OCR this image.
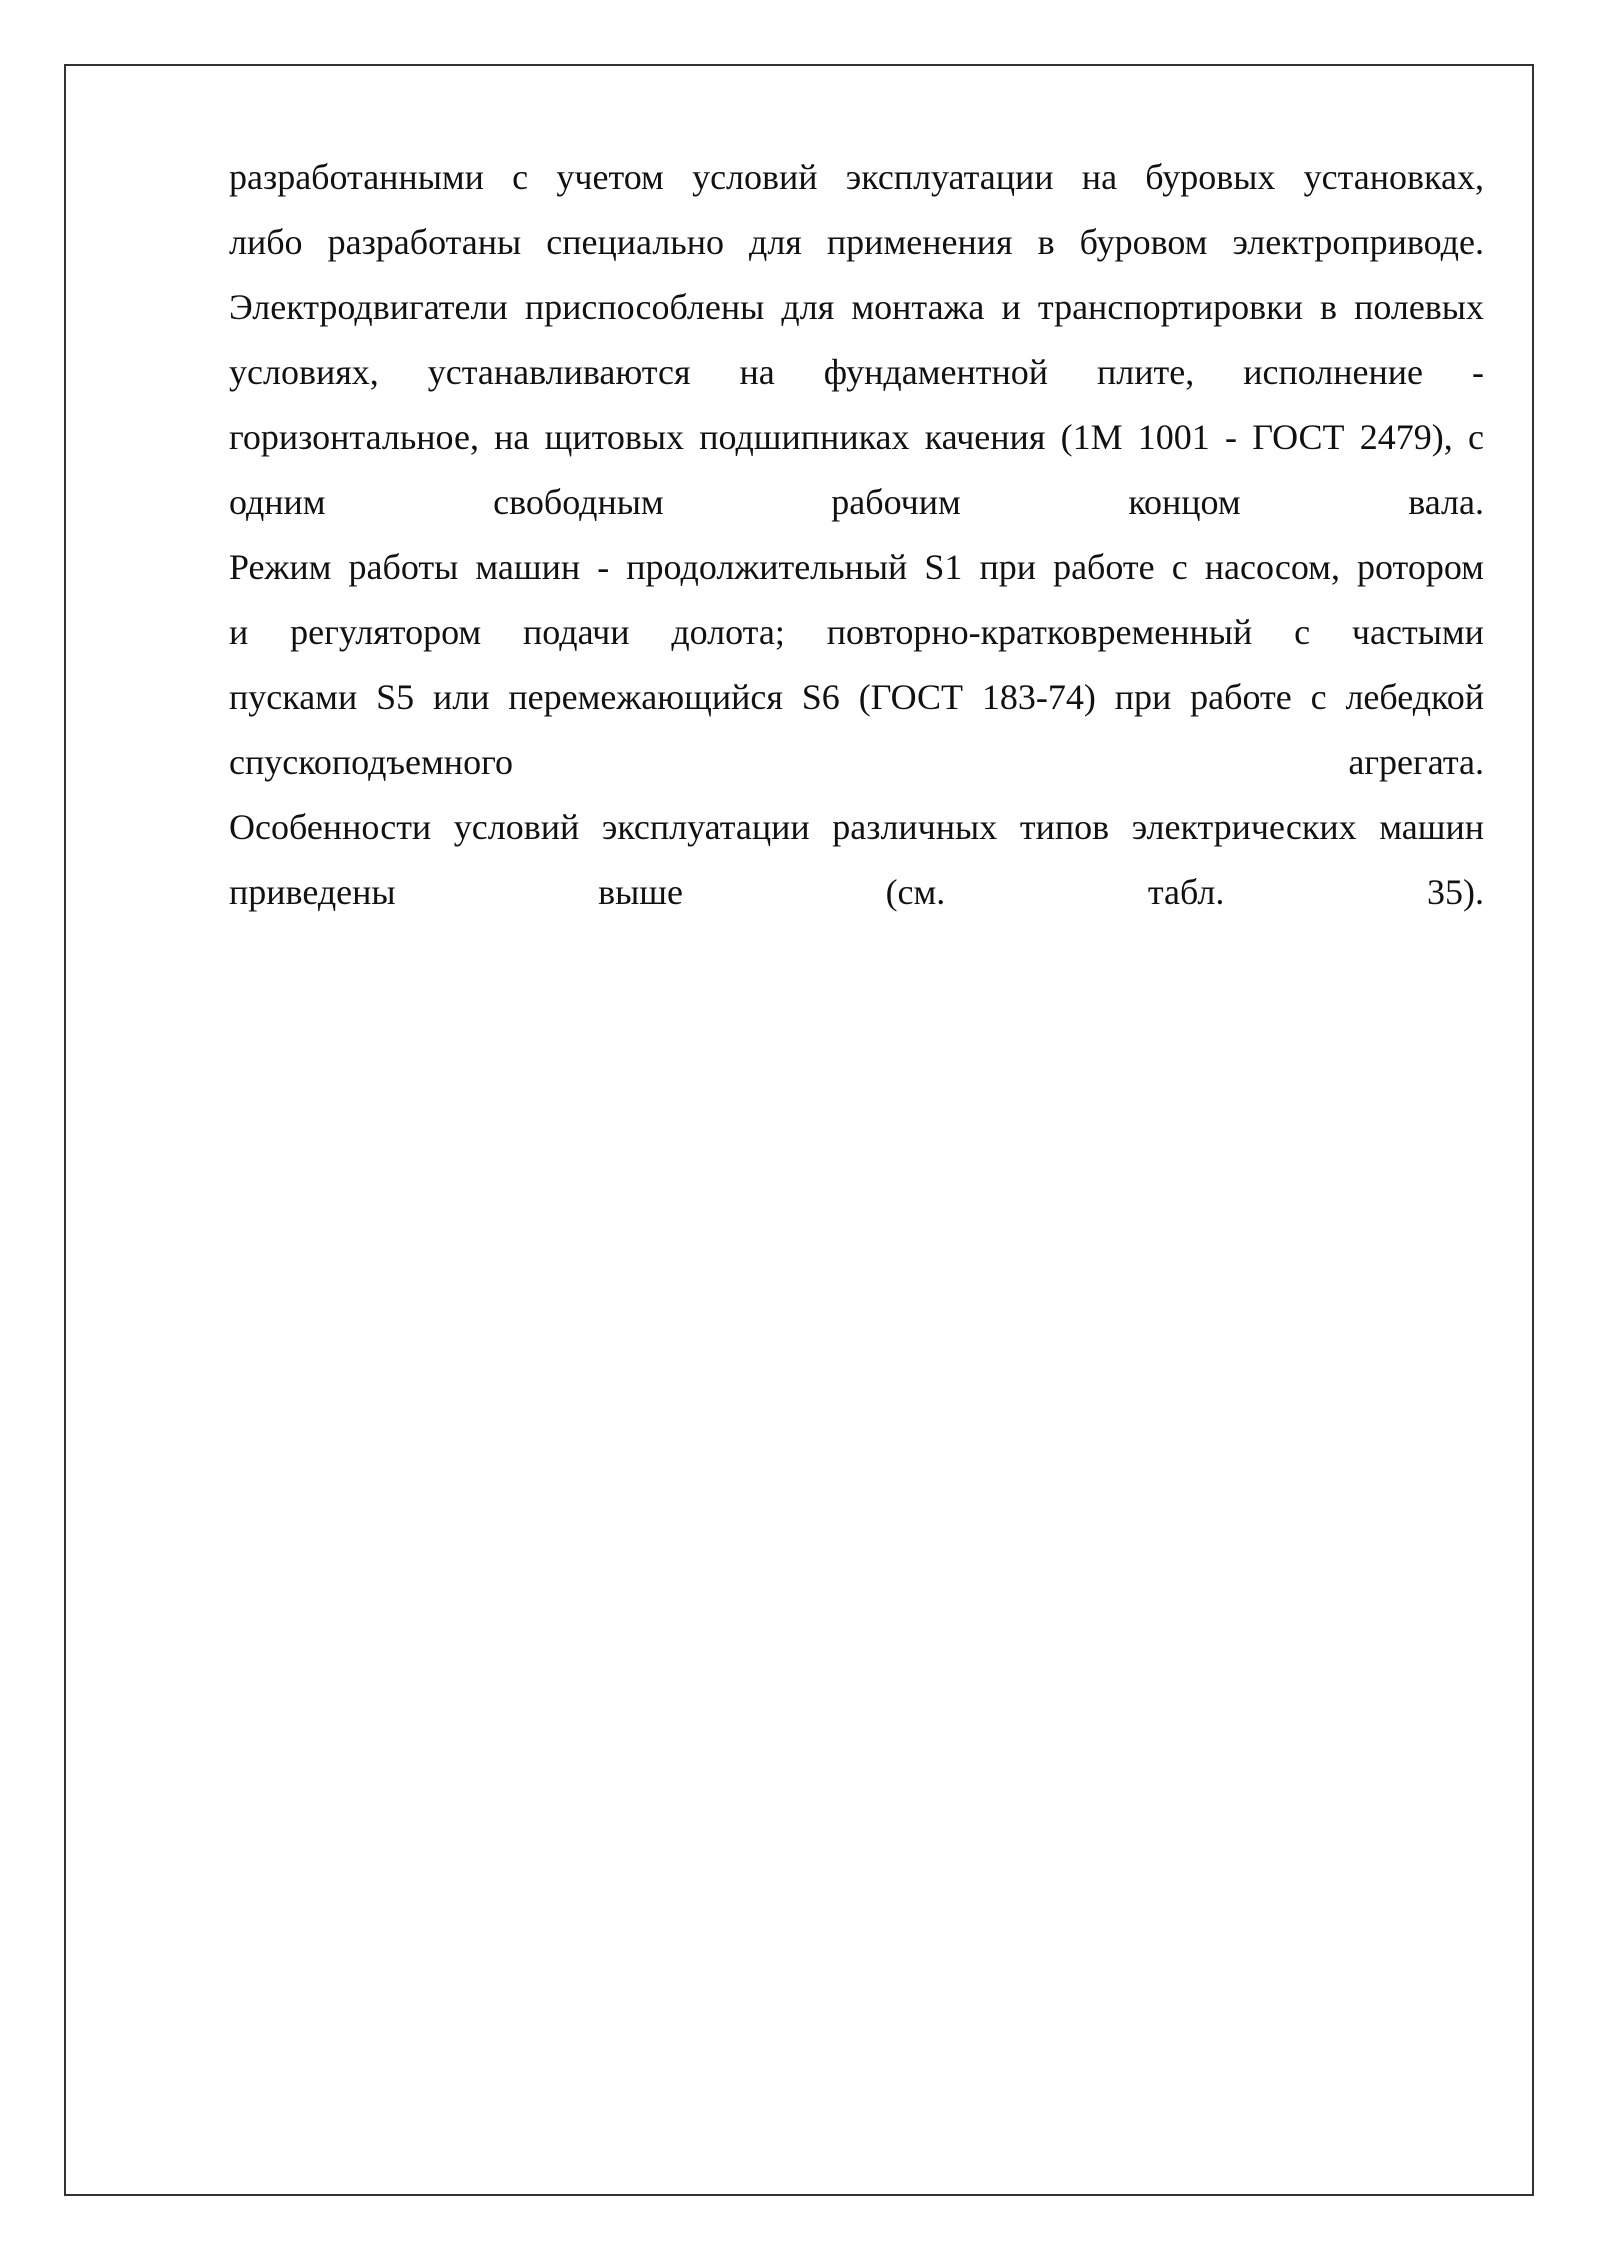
разработанными с учетом условий эксплуатации на буровых установках,
либо разработаны специально для применения в буровом электроприводе.
Электродвигатели приспособлены для монтажа и транспортировки в полевых
условиях, устанавливаются на фундаментной плите, исполнение -
горизонтальное, на щитовых подшипниках качения (1М 1001 - ГОСТ 2479), с
одним	свободным	рабочим	концом	вала.
Режим работы машин - продолжительный S1 при работе с насосом, ротором
и регулятором подачи долота; повторно-кратковременный с частыми
пусками S5 или перемежающийся S6 (ГОСТ 183-74) при работе с лебедкой
спускоподъемного	агрегата.
Особенности условий эксплуатации различных типов электрических машин
приведены	выше	(см.	табл.	35).
